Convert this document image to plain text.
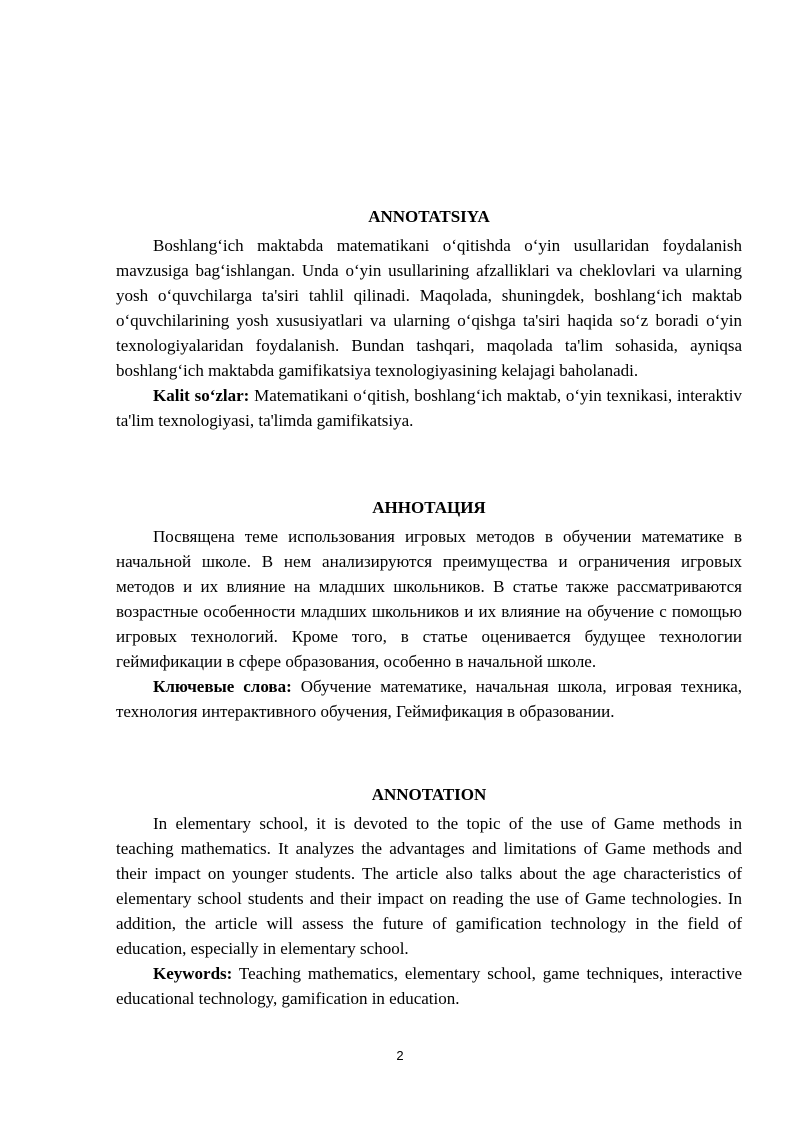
ANNOTATSIYA

Boshlang‘ich maktabda matematikani o‘qitishda o‘yin usullaridan foydalanish mavzusiga bag‘ishlangan. Unda o‘yin usullarining afzalliklari va cheklovlari va ularning yosh o‘quvchilarga ta'siri tahlil qilinadi. Maqolada, shuningdek, boshlang‘ich maktab o‘quvchilarining yosh xususiyatlari va ularning o‘qishga ta'siri haqida so‘z boradi o‘yin texnologiyalaridan foydalanish. Bundan tashqari, maqolada ta'lim sohasida, ayniqsa boshlang‘ich maktabda gamifikatsiya texnologiyasining kelajagi baholanadi.

Kalit so‘zlar: Matematikani o‘qitish, boshlang‘ich maktab, o‘yin texnikasi, interaktiv ta'lim texnologiyasi, ta'limda gamifikatsiya.

АННОТАЦИЯ

Посвящена теме использования игровых методов в обучении математике в начальной школе. В нем анализируются преимущества и ограничения игровых методов и их влияние на младших школьников. В статье также рассматриваются возрастные особенности младших школьников и их влияние на обучение с помощью игровых технологий. Кроме того, в статье оценивается будущее технологии геймификации в сфере образования, особенно в начальной школе.

Ключевые слова: Обучение математике, начальная школа, игровая техника, технология интерактивного обучения, Геймификация в образовании.

ANNOTATION

In elementary school, it is devoted to the topic of the use of Game methods in teaching mathematics. It analyzes the advantages and limitations of Game methods and their impact on younger students. The article also talks about the age characteristics of elementary school students and their impact on reading the use of Game technologies. In addition, the article will assess the future of gamification technology in the field of education, especially in elementary school.

Keywords: Teaching mathematics, elementary school, game techniques, interactive educational technology, gamification in education.

2
